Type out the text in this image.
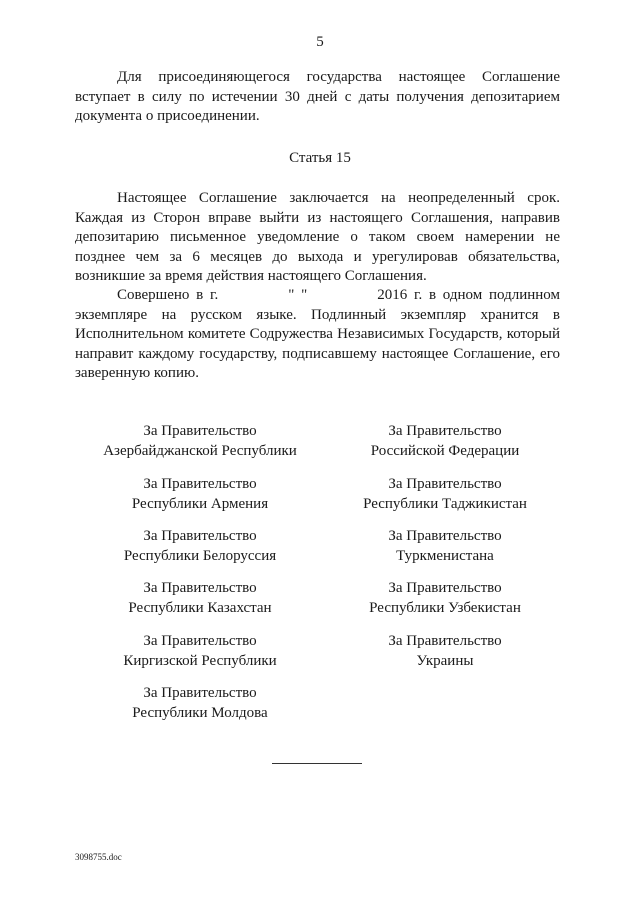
5
Для присоединяющегося государства настоящее Соглашение вступает в силу по истечении 30 дней с даты получения депозитарием документа о присоединении.
Статья 15
Настоящее Соглашение заключается на неопределенный срок. Каждая из Сторон вправе выйти из настоящего Соглашения, направив депозитарию письменное уведомление о таком своем намерении не позднее чем за 6 месяцев до выхода и урегулировав обязательства, возникшие за время действия настоящего Соглашения.
Совершено в г.	" "	2016 г. в одном подлинном экземпляре на русском языке. Подлинный экземпляр хранится в Исполнительном комитете Содружества Независимых Государств, который направит каждому государству, подписавшему настоящее Соглашение, его заверенную копию.
За Правительство
Азербайджанской Республики
За Правительство
Республики Армения
За Правительство
Республики Белоруссия
За Правительство
Республики Казахстан
За Правительство
Киргизской Республики
За Правительство
Республики Молдова
За Правительство
Российской Федерации
За Правительство
Республики Таджикистан
За Правительство
Туркменистана
За Правительство
Республики Узбекистан
За Правительство
Украины
3098755.doc
